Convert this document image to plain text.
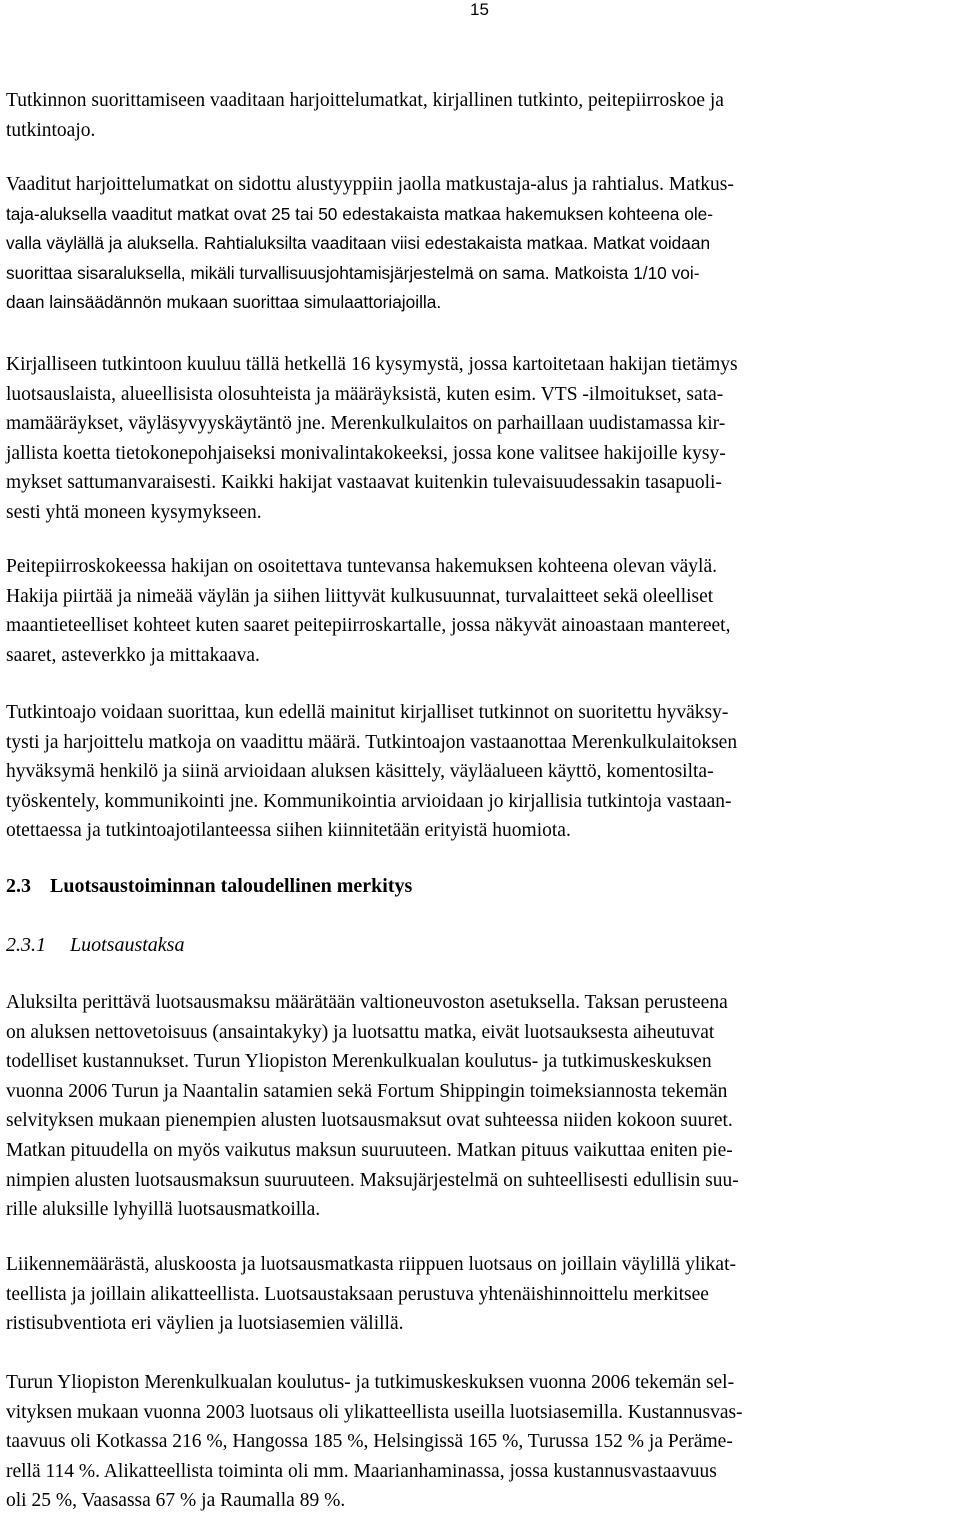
15

Tutkinnon suorittamiseen vaaditaan harjoittelumatkat, kirjallinen tutkinto, peitepiirroskoe ja
tutkintoajo.

Vaaditut harjoittelumatkat on sidottu alustyyppiin jaolla matkustaja-alus ja rahtialus. Matkus-
taja-aluksella vaaditut matkat ovat 25 tai 50 edestakaista matkaa hakemuksen kohteena ole-
valla väylällä ja aluksella. Rahtialuksilta vaaditaan viisi edestakaista matkaa. Matkat voidaan
suorittaa sisaraluksella, mikäli turvallisuusjohtamisjärjestelmä on sama. Matkoista 1/10 voi-
daan lainsäädännön mukaan suorittaa simulaattoriajoilla.

Kirjalliseen tutkintoon kuuluu tällä hetkellä 16 kysymystä, jossa kartoitetaan hakijan tietämys
luotsauslaista, alueellisista olosuhteista ja määräyksistä, kuten esim. VTS -ilmoitukset, sata-
mamääräykset, väyläsyvyyskäytäntö jne. Merenkulkulaitos on parhaillaan uudistamassa kir-
jallista koetta tietokonepohjaiseksi monivalintakokeeksi, jossa kone valitsee hakijoille kysy-
mykset sattumanvaraisesti. Kaikki hakijat vastaavat kuitenkin tulevaisuudessakin tasapuoli-
sesti yhtä moneen kysymykseen.

Peitepiirroskokeessa hakijan on osoitettava tuntevansa hakemuksen kohteena olevan väylä.
Hakija piirtää ja nimeää väylän ja siihen liittyvät kulkusuunnat, turvalaitteet sekä oleelliset
maantieteelliset kohteet kuten saaret peitepiirroskartalle, jossa näkyvät ainoastaan mantereet,
saaret, asteverkko ja mittakaava.

Tutkintoajo voidaan suorittaa, kun edellä mainitut kirjalliset tutkinnot on suoritettu hyväksy-
tysti ja harjoittelu matkoja on vaadittu määrä. Tutkintoajon vastaanottaa Merenkulkulaitoksen
hyväksymä henkilö ja siinä arvioidaan aluksen käsittely, väyläalueen käyttö, komentosilta-
työskentely, kommunikointi jne. Kommunikointia arvioidaan jo kirjallisia tutkintoja vastaan-
otettaessa ja tutkintoajotilanteessa siihen kiinnitetään erityistä huomiota.

2.3 Luotsaustoiminnan taloudellinen merkitys
2.3.1 Luotsaustaksa

Aluksilta perittävä luotsausmaksu määrätään valtioneuvoston asetuksella. Taksan perusteena
on aluksen nettovetoisuus (ansaintakyky) ja luotsattu matka, eivät luotsauksesta aiheutuvat
todelliset kustannukset. Turun Yliopiston Merenkulkualan koulutus- ja tutkimuskeskuksen
vuonna 2006 Turun ja Naantalin satamien sekä Fortum Shippingin toimeksiannosta tekemän
selvityksen mukaan pienempien alusten luotsausmaksut ovat suhteessa niiden kokoon suuret.
Matkan pituudella on myös vaikutus maksun suuruuteen. Matkan pituus vaikuttaa eniten pie-
nimpien alusten luotsausmaksun suuruuteen. Maksujärjestelmä on suhteellisesti edullisin suu-
rille aluksille lyhyillä luotsausmatkoilla.

Liikennemäärästä, aluskoosta ja luotsausmatkasta riippuen luotsaus on joillain väylillä ylikat-
teellista ja joillain alikatteellista. Luotsaustaksaan perustuva yhtenäishinnoittelu merkitsee
ristisubventiota eri väylien ja luotsiasemien välillä.

Turun Yliopiston Merenkulkualan koulutus- ja tutkimuskeskuksen vuonna 2006 tekemän sel-
vityksen mukaan vuonna 2003 luotsaus oli ylikatteellista useilla luotsiasemilla. Kustannusvas-
taavuus oli Kotkassa 216 %, Hangossa 185 %, Helsingissä 165 %, Turussa 152 % ja Perämе-
rellä 114 %. Alikatteellista toiminta oli mm. Maarianhaminassa, jossa kustannusvastaavuus
oli 25 %, Vaasassa 67 % ja Raumalla 89 %.
